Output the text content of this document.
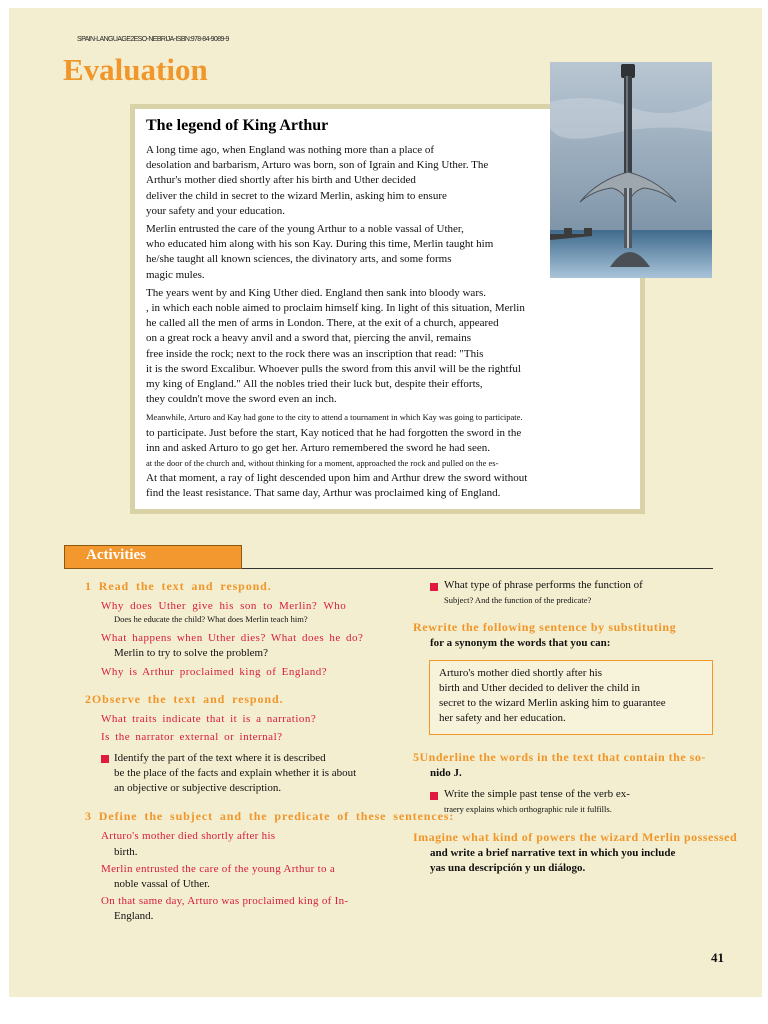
SPAIN-LANGUAGE2ESO-NEBRIJA-ISBN:978-84-9089-9
Evaluation
The legend of King Arthur
A long time ago, when England was nothing more than a place of
desolation and barbarism, Arturo was born, son of Igrain and King Uther. The
Arthur's mother died shortly after his birth and Uther decided
deliver the child in secret to the wizard Merlin, asking him to ensure
your safety and your education.
Merlin entrusted the care of the young Arthur to a noble vassal of Uther,
who educated him along with his son Kay. During this time, Merlin taught him
he/she taught all known sciences, the divinatory arts, and some forms
magic mules.
The years went by and King Uther died. England then sank into bloody wars.
, in which each noble aimed to proclaim himself king. In light of this situation, Merlin
he called all the men of arms in London. There, at the exit of a church, appeared
on a great rock a heavy anvil and a sword that, piercing the anvil, remains
free inside the rock; next to the rock there was an inscription that read: "This
it is the sword Excalibur. Whoever pulls the sword from this anvil will be the rightful
my king of England." All the nobles tried their luck but, despite their efforts,
they couldn't move the sword even an inch.
Meanwhile, Arturo and Kay had gone to the city to attend a tournament in which Kay was going to participate.
to participate. Just before the start, Kay noticed that he had forgotten the sword in the
inn and asked Arturo to go get her. Arturo remembered the sword he had seen.
at the door of the church and, without thinking for a moment, approached the rock and pulled on the es-
At that moment, a ray of light descended upon him and Arthur drew the sword without
find the least resistance. That same day, Arthur was proclaimed king of England.
Activities
1 Read the text and respond.
Why does Uther give his son to Merlin? Who
Does he educate the child? What does Merlin teach him?
What happens when Uther dies? What does he do?
Merlin to try to solve the problem?
Why is Arthur proclaimed king of England?
2Observe the text and respond.
What traits indicate that it is a narration?
Is the narrator external or internal?
Identify the part of the text where it is described
be the place of the facts and explain whether it is about
an objective or subjective description.
3 Define the subject and the predicate of these sentences:
Arturo's mother died shortly after his
birth.
Merlin entrusted the care of the young Arthur to a
noble vassal of Uther.
On that same day, Arturo was proclaimed king of In-
England.
What type of phrase performs the function of
Subject? And the function of the predicate?
Rewrite the following sentence by substituting
for a synonym the words that you can:
Arturo's mother died shortly after his
birth and Uther decided to deliver the child in
secret to the wizard Merlin asking him to guarantee
her safety and her education.
5Underline the words in the text that contain the so-
nido J.
Write the simple past tense of the verb ex-
traery explains which orthographic rule it fulfills.
Imagine what kind of powers the wizard Merlin possessed
and write a brief narrative text in which you include
yas una descripción y un diálogo.
41
